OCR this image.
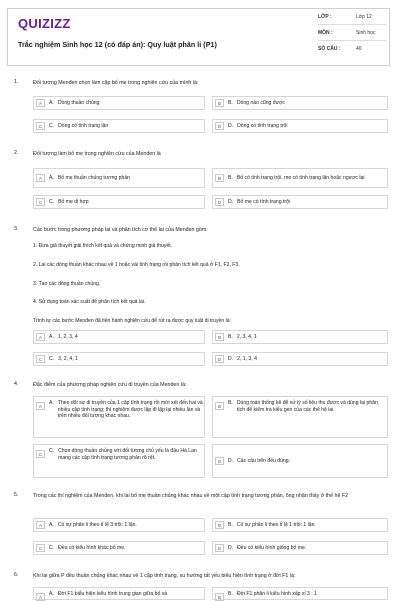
QUIZIZZ
Trắc nghiệm Sinh học 12 (có đáp án): Quy luật phân li (P1)
LỚP :	Lớp 12
MÔN :	Sinh học
SỐ CÂU :	40
1.	Đối tượng Menđen chọn làm cặp bố mẹ trong nghiên cứu của mình là:
A	A. Dòng thuần chủng	B	B. Dòng nào cũng được
C	C. Dòng có tính trạng lặn	D	D. Dòng có tính trạng trội
2.	Đối tượng làm bố mẹ trong nghiên cứu của Menden là
A	A. Bố mẹ thuần chủng tương phản	B	B. Bố có tính trạng trội, mẹ có tính trạng lặn hoặc ngược lại
C	C. Bố mẹ dị hợp	D	D. Bố mẹ có tính trạng trội
3.	Các bước trong phương pháp lai và phân tích cơ thể lai của Menđen gồm:
1. Đưa giả thuyết giải thích kết quả và chứng minh giả thuyết.
2. Lai các dòng thuần khác nhau về 1 hoặc vài tính trạng rồi phân tích kết quả ở F1, F2, F3.
3. Tạo các dòng thuần chủng.
4. Sử dụng toán xác suất để phân tích kết quả lai.
Trình tự các bước Menđen đã tiến hành nghiên cứu để rút ra được quy luật di truyền là:
A	A. 1, 2, 3, 4	B	B. 2, 3, 4, 1
C	C. 3, 2, 4, 1	D	D. 2, 1, 3, 4
4.	Đặc điểm của phương pháp nghiên cứu di truyền của Menden là:
A	A. Theo dõi sự di truyền của 1 cặp tính trạng rồi mới xét đến hai và nhiều cặp tính trạng; thí nghiệm được lặp đi lặp lại nhiều lần và trên nhiều đối tượng khác nhau.
B	B. Dùng toán thống kê để xử lý số liệu thu được và dùng lai phân tích để kiểm tra kiểu gen của các thể hệ lai.
C	C. Chọn dòng thuần chủng với đối tượng chủ yếu là đậu Hà Lan mang các cặp tính trạng tương phản rõ rệt.
D	D. Các câu trên đều đúng.
5.	Trong các thí nghiệm của Menden, khi lai bố mẹ thuần chủng khác nhau về một cặp tính trạng tương phản, ông nhận thấy ở thế hệ F2
A	A. Có sự phân li theo tỉ lệ 3 trội: 1 lặn.	B	B. Có sự phân li theo tỉ lệ 1 trội: 1 lặn.
C	C. Đều có kiểu hình khác bố mẹ.	D	D. Đều có kiểu hình giống bố mẹ.
6.	Khi lai giữa P đều thuần chủng khác nhau về 1 cặp tính trạng, xu hướng tất yếu biểu hiện tính trạng ở đời F1 là:
A	A. Đời F1 biểu hiện kiểu hình trung gian giữa bố và	B	B. Đời F1 phân li kiểu hình xấp xỉ 3 : 1
